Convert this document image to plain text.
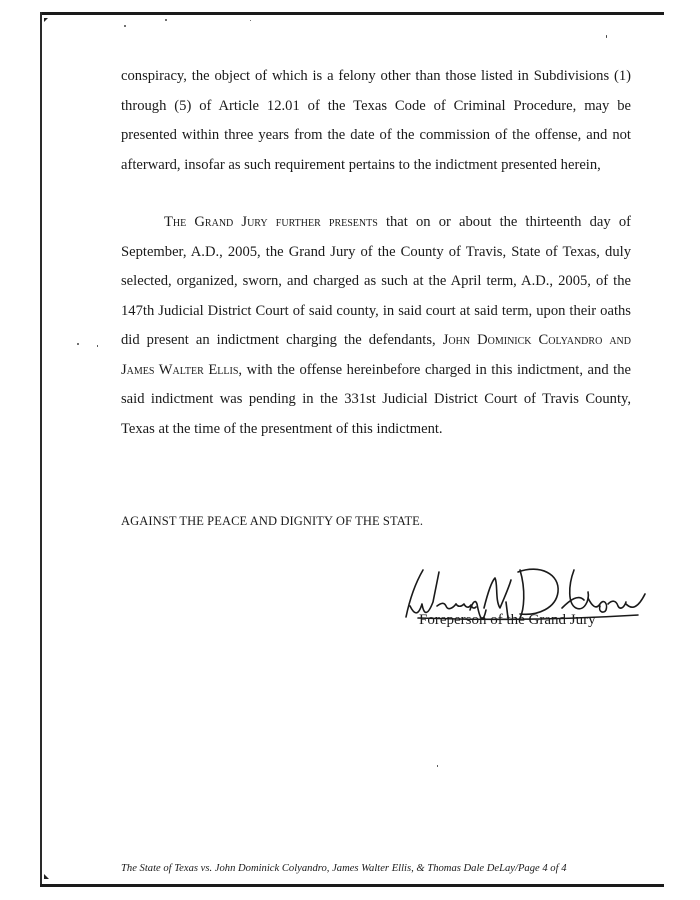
conspiracy, the object of which is a felony other than those listed in Subdivisions (1) through (5) of Article 12.01 of the Texas Code of Criminal Procedure, may be presented within three years from the date of the commission of the offense, and not afterward, insofar as such requirement pertains to the indictment presented herein,

The Grand Jury further presents that on or about the thirteenth day of September, A.D., 2005, the Grand Jury of the County of Travis, State of Texas, duly selected, organized, sworn, and charged as such at the April term, A.D., 2005, of the 147th Judicial District Court of said county, in said court at said term, upon their oaths did present an indictment charging the defendants, John Dominick Colyandro and James Walter Ellis, with the offense hereinbefore charged in this indictment, and the said indictment was pending in the 331st Judicial District Court of Travis County, Texas at the time of the presentment of this indictment.

AGAINST THE PEACE AND DIGNITY OF THE STATE.

Foreperson of the Grand Jury

The State of Texas vs. John Dominick Colyandro, James Walter Ellis, & Thomas Dale DeLay/Page 4 of 4
